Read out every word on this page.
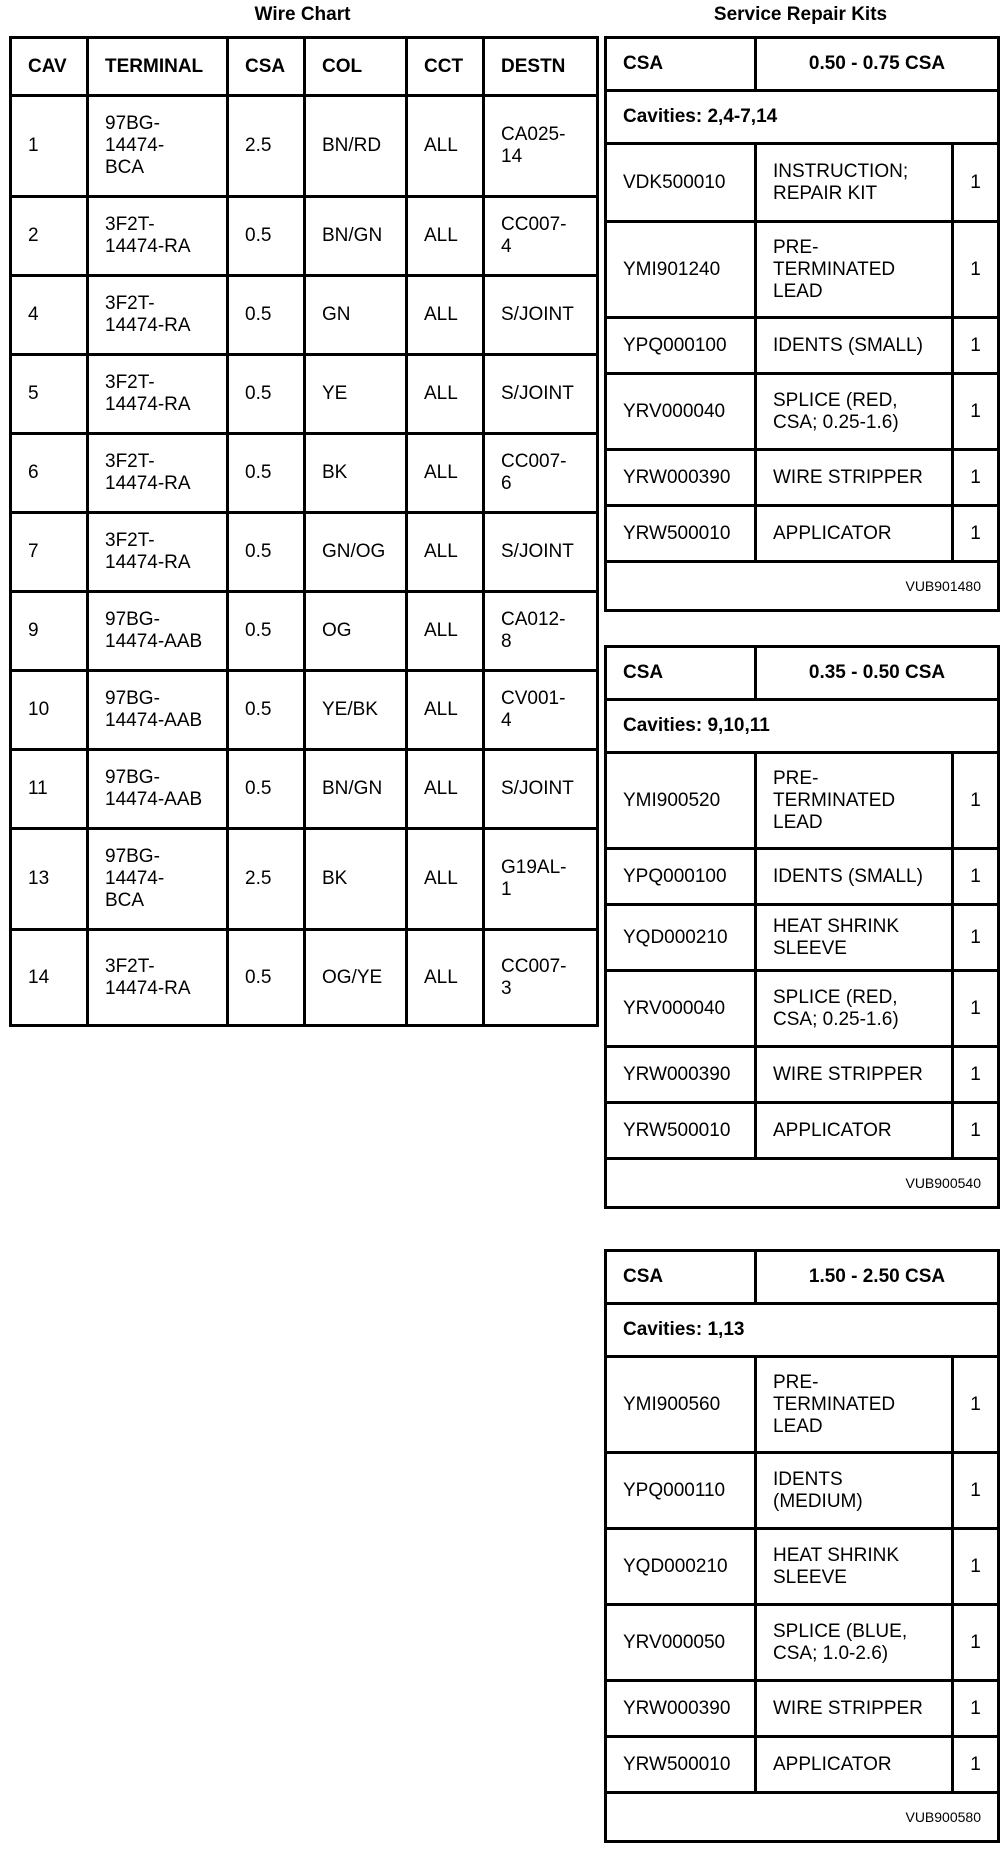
Wire Chart	Service Repair Kits
CAV	TERMINAL	CSA	COL	CCT	DESTN
1	97BG-
14474-
BCA	2.5	BN/RD	ALL	CA025-
14
2	3F2T-
14474-RA	0.5	BN/GN	ALL	CC007-
4
4	3F2T-
14474-RA	0.5	GN	ALL	S/JOINT
5	3F2T-
14474-RA	0.5	YE	ALL	S/JOINT
6	3F2T-
14474-RA	0.5	BK	ALL	CC007-
6
7	3F2T-
14474-RA	0.5	GN/OG	ALL	S/JOINT
9	97BG-
14474-AAB	0.5	OG	ALL	CA012-
8
10	97BG-
14474-AAB	0.5	YE/BK	ALL	CV001-
4
11	97BG-
14474-AAB	0.5	BN/GN	ALL	S/JOINT
13	97BG-
14474-
BCA	2.5	BK	ALL	G19AL-
1
14	3F2T-
14474-RA	0.5	OG/YE	ALL	CC007-
3
CSA	0.50 - 0.75 CSA	
Cavities: 2,4-7,14		
VDK500010	INSTRUCTION;
REPAIR KIT	1
YMI901240	PRE-
TERMINATED
LEAD	1
YPQ000100	IDENTS (SMALL)	1
YRV000040	SPLICE (RED,
CSA; 0.25-1.6)	1
YRW000390	WIRE STRIPPER	1
YRW500010	APPLICATOR	1
VUB901480		
CSA	0.35 - 0.50 CSA	
Cavities: 9,10,11		
YMI900520	PRE-
TERMINATED
LEAD	1
YPQ000100	IDENTS (SMALL)	1
YQD000210	HEAT SHRINK
SLEEVE	1
YRV000040	SPLICE (RED,
CSA; 0.25-1.6)	1
YRW000390	WIRE STRIPPER	1
YRW500010	APPLICATOR	1
VUB900540		
CSA	1.50 - 2.50 CSA	
Cavities: 1,13		
YMI900560	PRE-
TERMINATED
LEAD	1
YPQ000110	IDENTS
(MEDIUM)	1
YQD000210	HEAT SHRINK
SLEEVE	1
YRV000050	SPLICE (BLUE,
CSA; 1.0-2.6)	1
YRW000390	WIRE STRIPPER	1
YRW500010	APPLICATOR	1
VUB900580		
